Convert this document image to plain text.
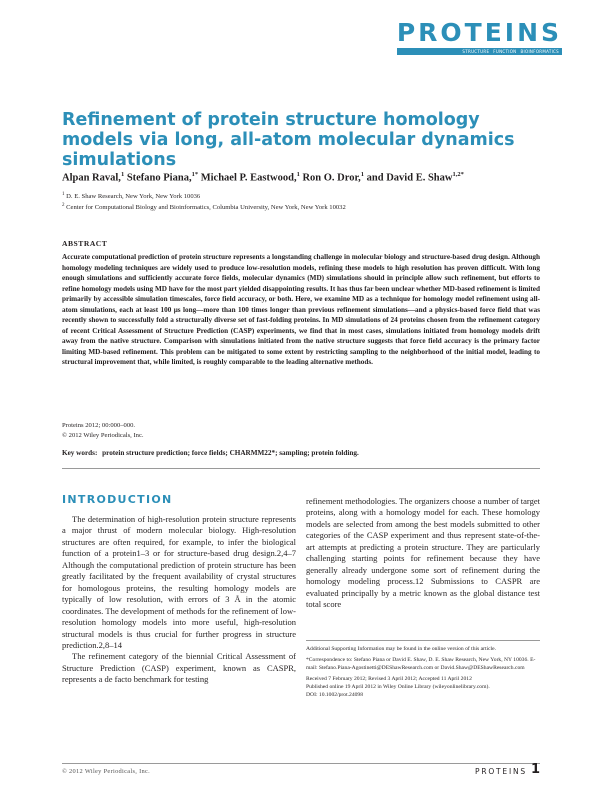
PROTEINS
STRUCTURE FUNCTION BIOINFORMATICS
Refinement of protein structure homology models via long, all-atom molecular dynamics simulations
Alpan Raval,$^1$ Stefano Piana,$^{1*}$ Michael P. Eastwood,$^1$ Ron O. Dror,$^1$ and David E. Shaw$^{1,2*}$
$^1$ D. E. Shaw Research, New York, New York 10036
$^2$ Center for Computational Biology and Bioinformatics, Columbia University, New York, New York 10032
ABSTRACT

Accurate computational prediction of protein structure represents a longstanding challenge in molecular biology and structure-based drug design. Although homology modeling techniques are widely used to produce low-resolution models, refining these models to high resolution has proven difficult. With long enough simulations and sufficiently accurate force fields, molecular dynamics (MD) simulations should in principle allow such refinement, but efforts to refine homology models using MD have for the most part yielded disappointing results. It has thus far been unclear whether MD-based refinement is limited primarily by accessible simulation timescales, force field accuracy, or both. Here, we examine MD as a technique for homology model refinement using all-atom simulations, each at least 100 μs long—more than 100 times longer than previous refinement simulations—and a physics-based force field that was recently shown to successfully fold a structurally diverse set of fast-folding proteins. In MD simulations of 24 proteins chosen from the refinement category of recent Critical Assessment of Structure Prediction (CASP) experiments, we find that in most cases, simulations initiated from homology models drift away from the native structure. Comparison with simulations initiated from the native structure suggests that force field accuracy is the primary factor limiting MD-based refinement. This problem can be mitigated to some extent by restricting sampling to the neighborhood of the initial model, leading to structural improvement that, while limited, is roughly comparable to the leading alternative methods.

Proteins 2012; 00:000–000.
© 2012 Wiley Periodicals, Inc.
Key words: protein structure prediction; force fields; CHARMM22*; sampling; protein folding.
INTRODUCTION

The determination of high-resolution protein structure represents a major thrust of modern molecular biology. High-resolution structures are often required, for example, to infer the biological function of a protein1–3 or for structure-based drug design.2,4–7 Although the computational prediction of protein structure has been greatly facilitated by the frequent availability of crystal structures for homologous proteins, the resulting homology models are typically of low resolution, with errors of 3 Å in the atomic coordinates. The development of methods for the refinement of low-resolution homology models into more useful, high-resolution structural models is thus crucial for further progress in structure prediction.2,8–14

The refinement category of the biennial Critical Assessment of Structure Prediction (CASP) experiment, known as CASPR, represents a de facto benchmark for testing

refinement methodologies. The organizers choose a number of target proteins, along with a homology model for each. These homology models are selected from among the best models submitted to other categories of the CASP experiment and thus represent state-of-the-art attempts at predicting a protein structure. They are particularly challenging starting points for refinement because they have generally already undergone some sort of refinement during the homology modeling process.12 Submissions to CASPR are evaluated principally by a metric known as the global distance test total score

Additional Supporting Information may be found in the online version of this article.

*Correspondence to: Stefano Piana or David E. Shaw, D. E. Shaw Research, New York, NY 10036. E-mail: Stefano.Piana-Agostinetti@DEShawResearch.com or David.Shaw@DEShawResearch.com

Received 7 February 2012; Revised 3 April 2012; Accepted 11 April 2012
Published online 19 April 2012 in Wiley Online Library (wileyonlinelibrary.com).
DOI: 10.1002/prot.24098

© 2012 Wiley Periodicals, Inc.	PROTEINS 1
